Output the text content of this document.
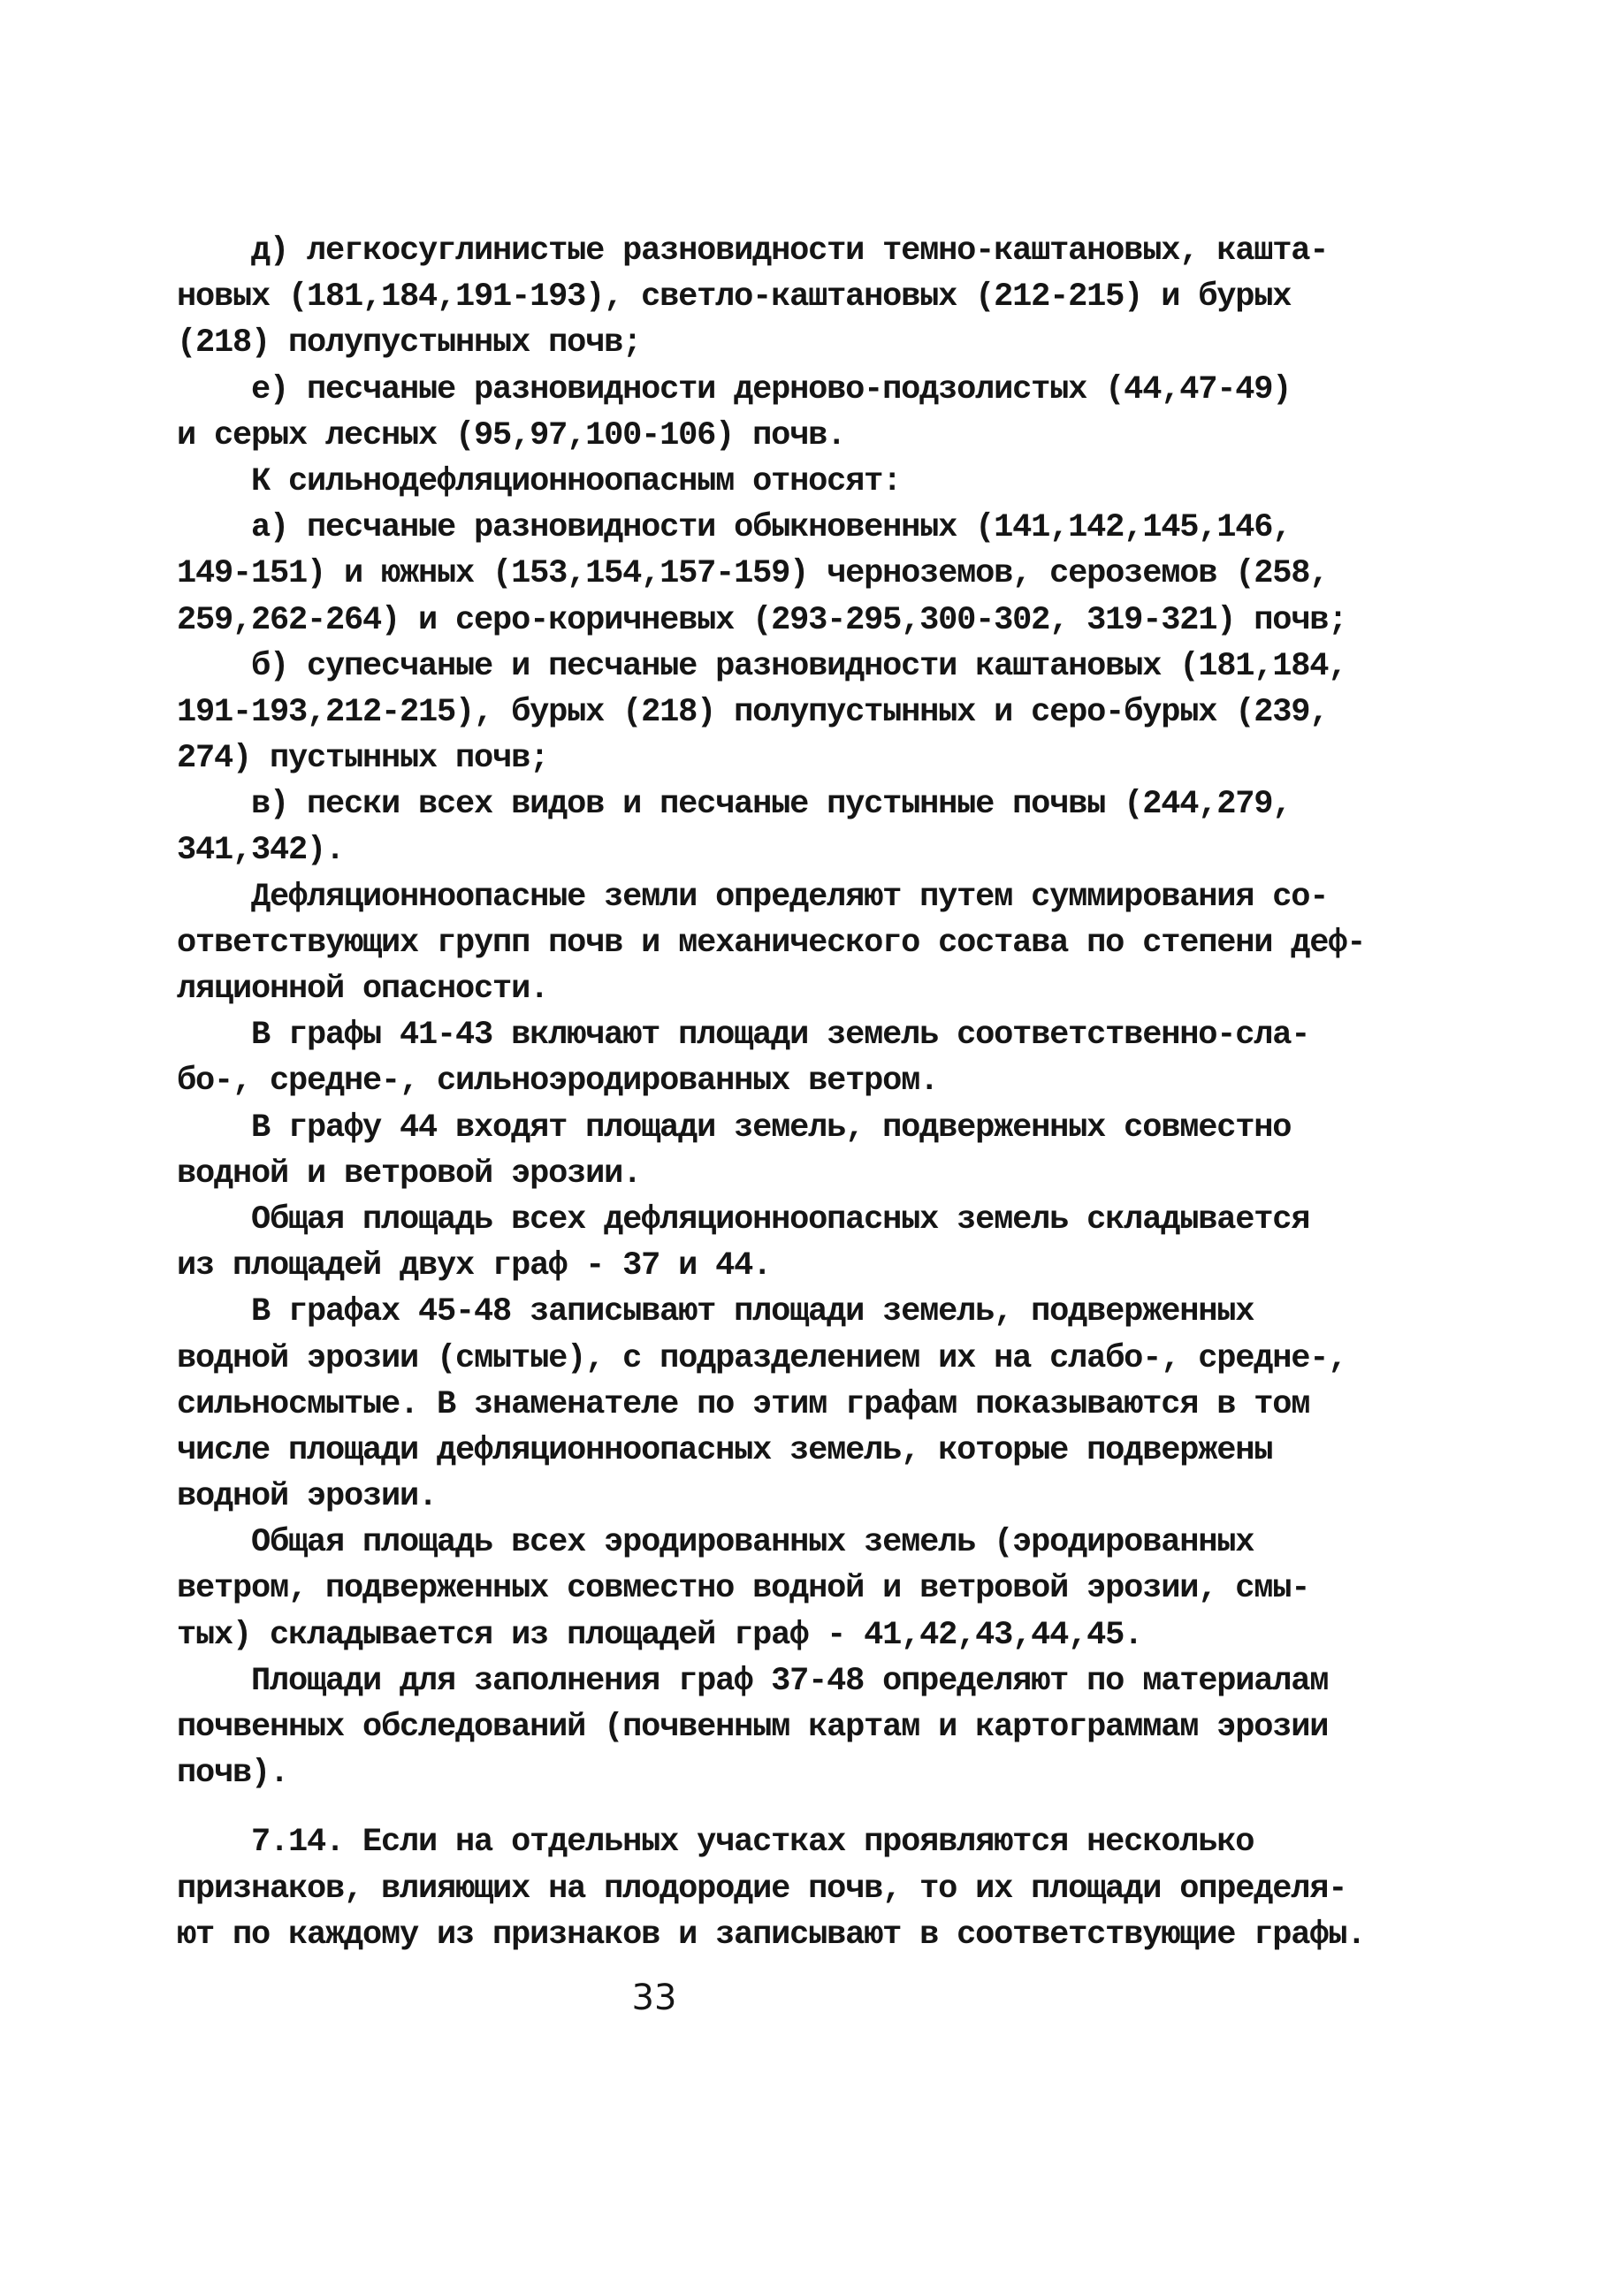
д) легкосуглинистые разновидности темно-каштановых, кашта-
новых (181,184,191-193), светло-каштановых (212-215) и бурых
(218) полупустынных почв;
е) песчаные разновидности дерново-подзолистых (44,47-49)
и серых лесных (95,97,100-106) почв.
К сильнодефляционноопасным относят:
а) песчаные разновидности обыкновенных (141,142,145,146,
149-151) и южных (153,154,157-159) черноземов, сероземов (258,
259,262-264) и серо-коричневых (293-295,300-302, 319-321) почв;
б) супесчаные и песчаные разновидности каштановых (181,184,
191-193,212-215), бурых (218) полупустынных и серо-бурых (239,
274) пустынных почв;
в) пески всех видов и песчаные пустынные почвы (244,279,
341,342).
Дефляционноопасные земли определяют путем суммирования со-
ответствующих групп почв и механического состава по степени деф-
ляционной опасности.
В графы 41-43 включают площади земель соответственно-сла-
бо-, средне-, сильноэродированных ветром.
В графу 44 входят площади земель, подверженных совместно
водной и ветровой эрозии.
Общая площадь всех дефляционноопасных земель складывается
из площадей двух граф - 37 и 44.
В графах 45-48 записывают площади земель, подверженных
водной эрозии (смытые), с подразделением их на слабо-, средне-,
сильносмытые. В знаменателе по этим графам показываются в том
числе площади дефляционноопасных земель, которые подвержены
водной эрозии.
Общая площадь всех эродированных земель (эродированных
ветром, подверженных совместно водной и ветровой эрозии, смы-
тых) складывается из площадей граф - 41,42,43,44,45.
Площади для заполнения граф 37-48 определяют по материалам
почвенных обследований (почвенным картам и картограммам эрозии
почв).
7.14. Если на отдельных участках проявляются несколько
признаков, влияющих на плодородие почв, то их площади определя-
ют по каждому из признаков и записывают в соответствующие графы.
33
